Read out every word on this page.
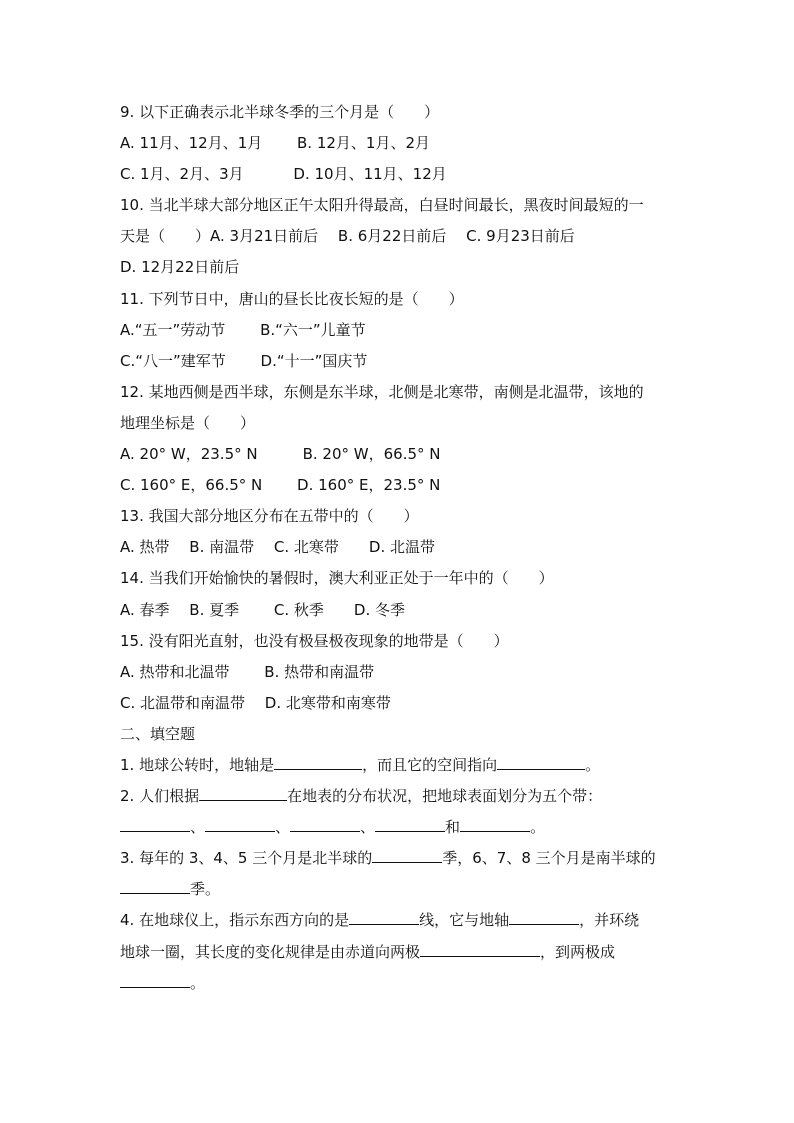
9. 以下正确表示北半球冬季的三个月是（　　）
A. 11月、12月、1月　　 B. 12月、1月、2月
C. 1月、2月、3月　　　 D. 10月、11月、12月
10. 当北半球大部分地区正午太阳升得最高，白昼时间最长，黑夜时间最短的一
天是（　　）A. 3月21日前后　 B. 6月22日前后　 C. 9月23日前后
D. 12月22日前后
11. 下列节日中，唐山的昼长比夜长短的是（　　）
A.“五一”劳动节　　 B.“六一”儿童节
C.“八一”建军节　　 D.“十一”国庆节
12. 某地西侧是西半球，东侧是东半球，北侧是北寒带，南侧是北温带，该地的
地理坐标是（　　）
A. 20° W，23.5° N　　　B. 20° W，66.5° N
C. 160° E，66.5° N　　 D. 160° E，23.5° N
13. 我国大部分地区分布在五带中的（　　）
A. 热带　 B. 南温带　 C. 北寒带　　D. 北温带
14. 当我们开始愉快的暑假时，澳大利亚正处于一年中的（　　）
A. 春季　 B. 夏季　　 C. 秋季　　D. 冬季
15. 没有阳光直射，也没有极昼极夜现象的地带是（　　）
A. 热带和北温带　　 B. 热带和南温带
C. 北温带和南温带　 D. 北寒带和南寒带
二、填空题
1. 地球公转时，地轴是	，而且它的空间指向	。
2. 人们根据	在地表的分布状况，把地球表面划分为五个带：
、	、	、	和	。
3. 每年的 3、4、5 三个月是北半球的	季，6、7、8 三个月是南半球的
季。
4. 在地球仪上，指示东西方向的是	线，它与地轴	，并环绕
地球一圈，其长度的变化规律是由赤道向两极	，到两极成
。
